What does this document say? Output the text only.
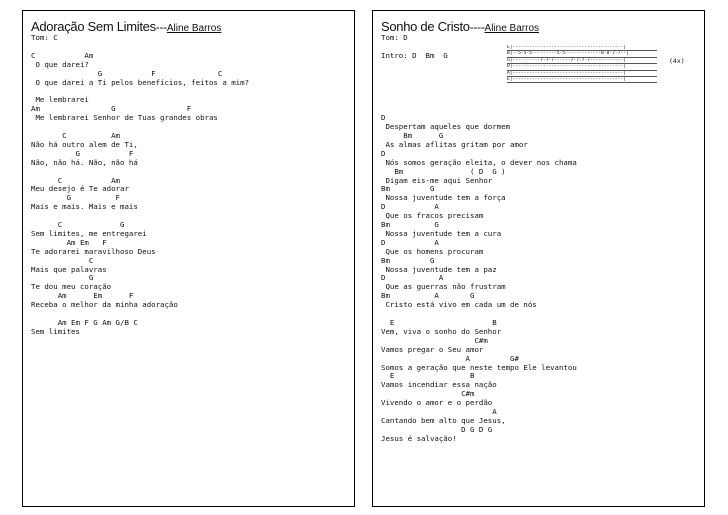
Adoração Sem Limites---Aline Barros
Tom: C

C           Am
O que darei?
G           F              C
O que darei a Ti pelos benefícios, feitos a mim?

Me lembrarei
Am                G                F
Me lembrarei Senhor de Tuas grandes obras

C          Am
Não há outro alem de Ti,
G           F
Não, não há. Não, não há

C           Am
Meu desejo é Te adorar
G          F
Mais e mais. Mais e mais

C             G
Sem limites, me entregarei
Am Em   F
Te adorarei maravilhoso Deus
C
Mais que palavras
G
Te dou meu coração
Am      Em      F
Receba o melhor da minha adoração

Am Em F G Am G/B C
Sem limites
Sonho de Cristo----Aline Barros
Tom: D

Intro: D  Bm  G

D
Despertam aqueles que dormem
Bm      G
As almas aflitas gritam por amor
D
Nós somos geração eleita, o dever nos chama
Bm               ( D  G )
Digam eis-me aqui Senhor
Bm         G
Nossa juventude tem a força
D           A
Que os fracos precisam
Bm          G
Nossa juventude tem a cura
D           A
Que os homens procuram
Bm         G
Nossa juventude tem a paz
D            A
Que as guerras não frustram
Bm          A       G
Cristo está vivo em cada um de nós

E                      B
Vem, viva o sonho do Senhor
C#m
Vamos pregar o Seu amor
A         G#
Somos a geração que neste tempo Ele levantou
E                 B
Vamos incendiar essa nação
C#m
Vivendo o amor e o perdão
A
Cantando bem alto que Jesus,
D G D G
Jesus é salvação!
E|----------------------------------------|
B|--5-5-5---------5-5-------------8-8-7-7--|
G|----------7-7-7------7-7-7-7------------|
D|----------------------------------------|
A|----------------------------------------|
E|----------------------------------------|
(4x)
